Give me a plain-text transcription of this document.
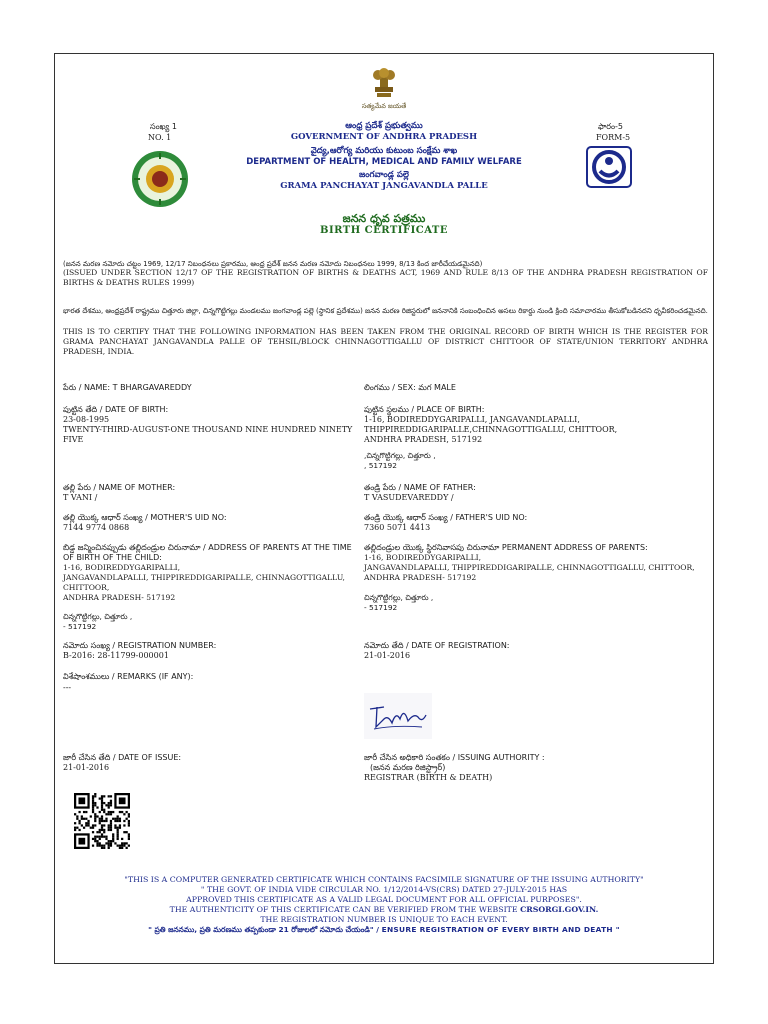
సత్యమేవ జయతే
సంఖ్య 1
NO. 1
ఫారం-5
FORM-5
ఆంధ్ర ప్రదేశ్ ప్రభుత్వము
GOVERNMENT OF ANDHRA PRADESH
వైద్య,ఆరోగ్య మరియు కుటుంబ సంక్షేమ శాఖ
DEPARTMENT OF HEALTH, MEDICAL AND FAMILY WELFARE
జంగవాండ్ల పల్లె
GRAMA PANCHAYAT JANGAVANDLA PALLE
జనన ధృవ పత్రము
BIRTH CERTIFICATE
(జనన మరణ నమోదు చట్టం 1969, 12/17 నిబంధనలు ప్రకారము, ఆంధ్ర ప్రదేశ్ జనన మరణ నమోదు నిబంధనలు 1999, 8/13 కింద జారీచేయడమైనది)
(ISSUED UNDER SECTION 12/17 OF THE REGISTRATION OF BIRTHS & DEATHS ACT, 1969 AND RULE 8/13 OF THE ANDHRA PRADESH REGISTRATION OF BIRTHS & DEATHS RULES 1999)
భారత దేశము, ఆంధ్రప్రదేశ్ రాష్ట్రము చిత్తూరు జిల్లా, చిన్నగొట్టిగల్లు మండలము జంగవాండ్ల పల్లె (స్థానిక ప్రదేశము) జనన మరణ రిజిస్టరులో జననానికి సంబంధించిన అసలు రికార్డు నుండి క్రింది సమాచారము తీసుకోబడినదని ధృవీకరించడమైనది.
THIS IS TO CERTIFY THAT THE FOLLOWING INFORMATION HAS BEEN TAKEN FROM THE ORIGINAL RECORD OF BIRTH WHICH IS THE REGISTER FOR GRAMA PANCHAYAT JANGAVANDLA PALLE OF TEHSIL/BLOCK CHINNAGOTTIGALLU OF DISTRICT CHITTOOR OF STATE/UNION TERRITORY ANDHRA PRADESH, INDIA.
పేరు / NAME: T BHARGAVAREDDY
పుట్టిన తేది / DATE OF BIRTH:
23-08-1995
TWENTY-THIRD-AUGUST-ONE THOUSAND NINE HUNDRED NINETY FIVE
తల్లి పేరు / NAME OF MOTHER:
T VANI /
తల్లి యొక్క ఆధార్ సంఖ్య / MOTHER'S UID NO:
7144 9774 0868
బిడ్డ జన్మించినప్పుడు తల్లిదండ్రుల చిరునామా / ADDRESS OF PARENTS AT THE TIME OF BIRTH OF THE CHILD:
1-16, BODIREDDYGARIPALLI,
JANGAVANDLAPALLI, THIPPIREDDIGARIPALLE, CHINNAGOTTIGALLU,
CHITTOOR,
ANDHRA PRADESH- 517192
చిన్నగొట్టిగల్లు, చిత్తూరు ,
- 517192
నమోదు సంఖ్య / REGISTRATION NUMBER:
B-2016: 28-11799-000001
విశేషాంశములు / REMARKS (IF ANY):
---
జారీ చేసిన తేది / DATE OF ISSUE:
21-01-2016
లింగము / SEX: మగ MALE
పుట్టిన స్థలము / PLACE OF BIRTH:
1-16, BODIREDDYGARIPALLI, JANGAVANDLAPALLI,
THIPPIREDDIGARIPALLE,CHINNAGOTTIGALLU, CHITTOOR,
ANDHRA PRADESH, 517192
,చిన్నగొట్టిగల్లు, చిత్తూరు ,
, 517192
తండ్రి పేరు / NAME OF FATHER:
T VASUDEVAREDDY /
తండ్రి యొక్క ఆధార్ సంఖ్య / FATHER'S UID NO:
7360 5071 4413
తల్లిదండ్రుల యొక్క స్థిరనివాసపు చిరునామా PERMANENT ADDRESS OF PARENTS:
1-16, BODIREDDYGARIPALLI,
JANGAVANDLAPALLI, THIPPIREDDIGARIPALLE, CHINNAGOTTIGALLU, CHITTOOR,
ANDHRA PRADESH- 517192
చిన్నగొట్టిగల్లు, చిత్తూరు ,
- 517192
నమోదు తేది / DATE OF REGISTRATION:
21-01-2016
జారీ చేసిన అధికారి సంతకం / ISSUING AUTHORITY :
(జనన మరణ రిజిస్ట్రార్)
REGISTRAR (BIRTH & DEATH)
"THIS IS A COMPUTER GENERATED CERTIFICATE WHICH CONTAINS FACSIMILE SIGNATURE OF THE ISSUING AUTHORITY"
" THE GOVT. OF INDIA VIDE CIRCULAR NO. 1/12/2014-VS(CRS) DATED 27-JULY-2015 HAS
APPROVED THIS CERTIFICATE AS A VALID LEGAL DOCUMENT FOR ALL OFFICIAL PURPOSES".
THE AUTHENTICITY OF THIS CERTIFICATE CAN BE VERIFIED FROM THE WEBSITE CRSORGI.GOV.IN.
THE REGISTRATION NUMBER IS UNIQUE TO EACH EVENT.
" ప్రతి జననము, ప్రతి మరణము తప్పకుండా 21 రోజులలో నమోదు చేయండి" / ENSURE REGISTRATION OF EVERY BIRTH AND DEATH "
